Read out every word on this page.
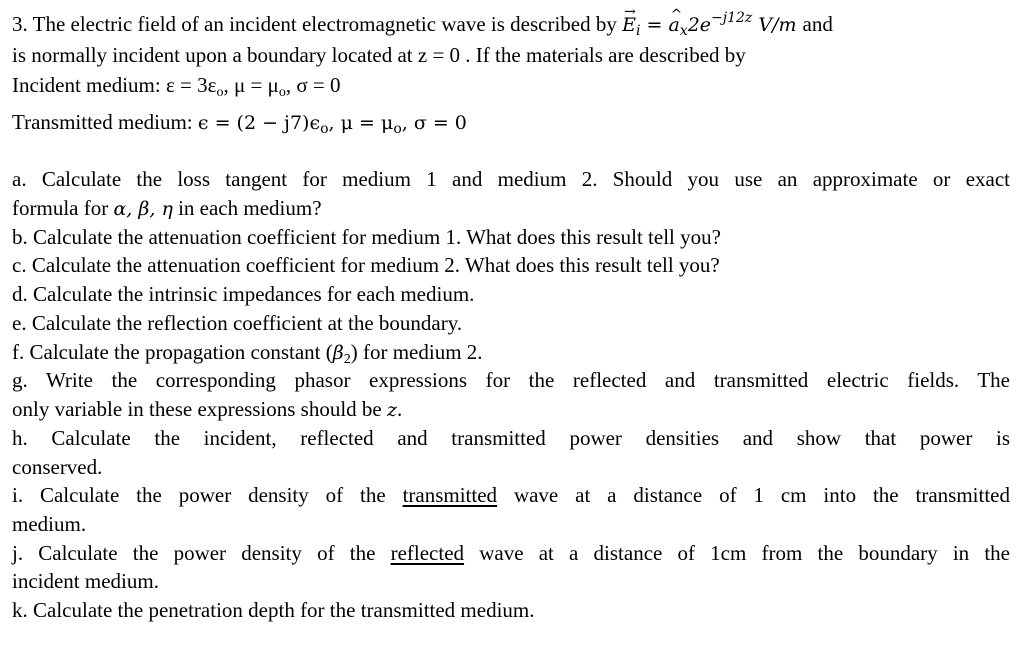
3. The electric field of an incident electromagnetic wave is described by → $E_i$ = ^ $a_x2e^{-j12z}$ V/m and
is normally incident upon a boundary located at z = 0 . If the materials are described by
Incident medium: $\varepsilon = 3\varepsilon_o$, $\mu = \mu_o$, σ = 0
Transmitted medium: $\epsilon = (2 - j7)\epsilon_o$, $\mu = \mu_o$, σ = 0
a. Calculate the loss tangent for medium 1 and medium 2. Should you use an approximate or exact
formula for α, β, η in each medium?
b. Calculate the attenuation coefficient for medium 1. What does this result tell you?
c. Calculate the attenuation coefficient for medium 2. What does this result tell you?
d. Calculate the intrinsic impedances for each medium.
e. Calculate the reflection coefficient at the boundary.
f. Calculate the propagation constant $(\beta_2)$ for medium 2.
g. Write the corresponding phasor expressions for the reflected and transmitted electric fields. The
only variable in these expressions should be z.
h. Calculate the incident, reflected and transmitted power densities and show that power is
conserved.
i. Calculate the power density of the transmitted wave at a distance of 1 cm into the transmitted
medium.
j. Calculate the power density of the reflected wave at a distance of 1cm from the boundary in the
incident medium.
k. Calculate the penetration depth for the transmitted medium.
